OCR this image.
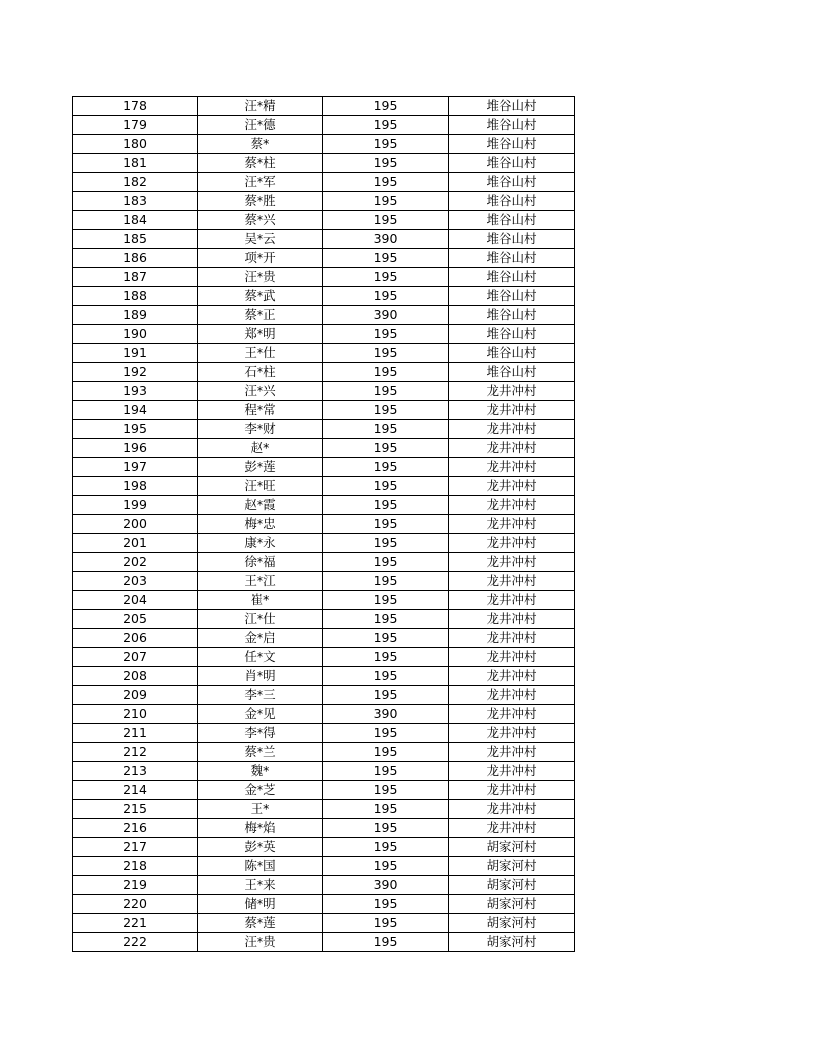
178	汪*精	195	堆谷山村
179	汪*德	195	堆谷山村
180	蔡*	195	堆谷山村
181	蔡*柱	195	堆谷山村
182	汪*军	195	堆谷山村
183	蔡*胜	195	堆谷山村
184	蔡*兴	195	堆谷山村
185	吴*云	390	堆谷山村
186	项*开	195	堆谷山村
187	汪*贵	195	堆谷山村
188	蔡*武	195	堆谷山村
189	蔡*正	390	堆谷山村
190	郑*明	195	堆谷山村
191	王*仕	195	堆谷山村
192	石*柱	195	堆谷山村
193	汪*兴	195	龙井冲村
194	程*常	195	龙井冲村
195	李*财	195	龙井冲村
196	赵*	195	龙井冲村
197	彭*莲	195	龙井冲村
198	汪*旺	195	龙井冲村
199	赵*霞	195	龙井冲村
200	梅*忠	195	龙井冲村
201	康*永	195	龙井冲村
202	徐*福	195	龙井冲村
203	王*江	195	龙井冲村
204	崔*	195	龙井冲村
205	江*仕	195	龙井冲村
206	金*启	195	龙井冲村
207	任*文	195	龙井冲村
208	肖*明	195	龙井冲村
209	李*三	195	龙井冲村
210	金*见	390	龙井冲村
211	李*得	195	龙井冲村
212	蔡*兰	195	龙井冲村
213	魏*	195	龙井冲村
214	金*芝	195	龙井冲村
215	王*	195	龙井冲村
216	梅*焰	195	龙井冲村
217	彭*英	195	胡家河村
218	陈*国	195	胡家河村
219	王*来	390	胡家河村
220	储*明	195	胡家河村
221	蔡*莲	195	胡家河村
222	汪*贵	195	胡家河村
